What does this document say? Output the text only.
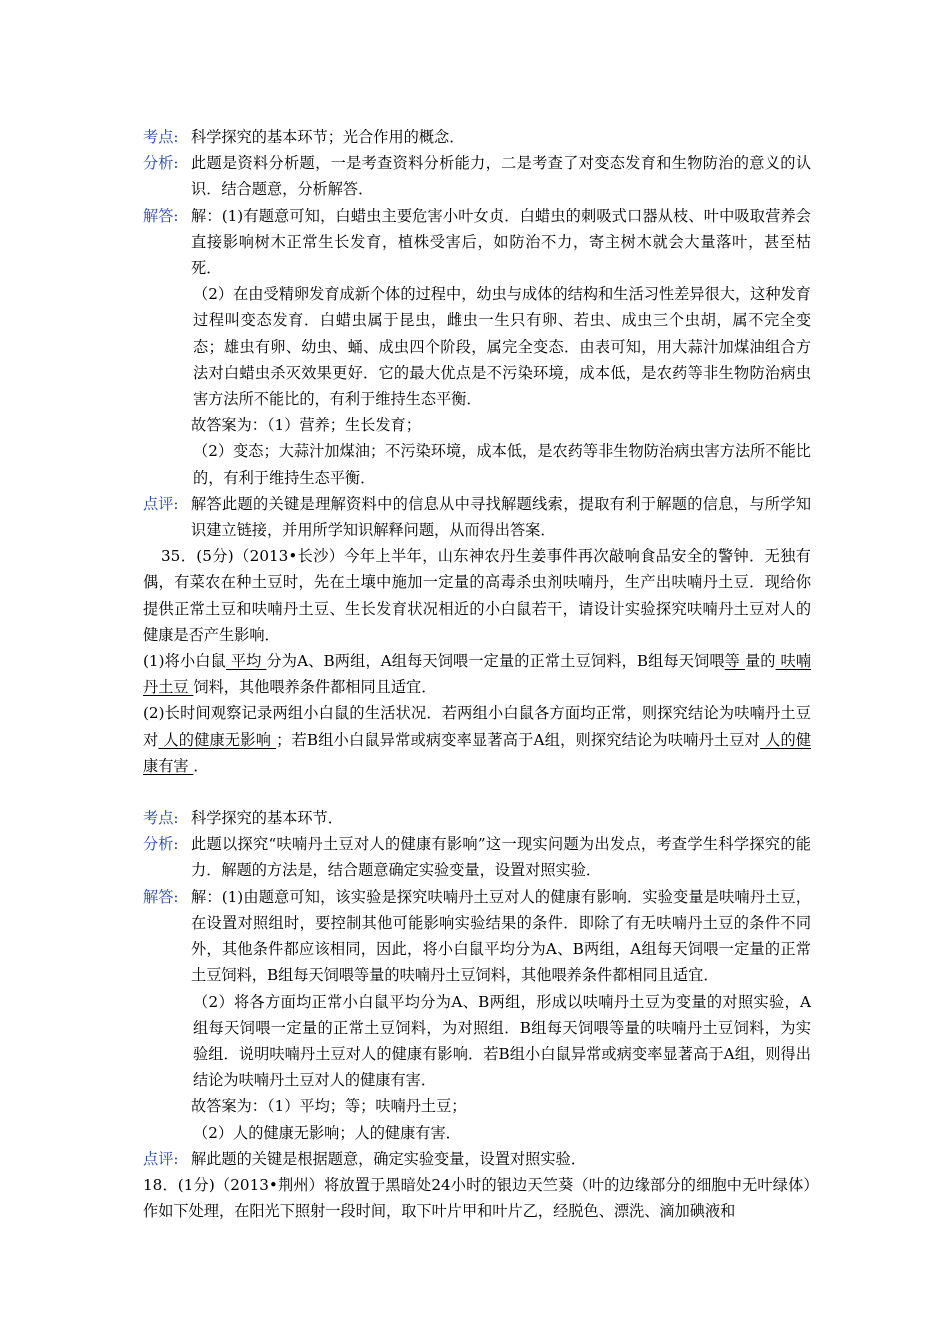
考点: 科学探究的基本环节；光合作用的概念．
分析: 此题是资料分析题，一是考查资料分析能力，二是考查了对变态发育和生物防治的意义的认识．结合题意，分析解答．
解答: 解：(1)有题意可知，白蜡虫主要危害小叶女贞．白蜡虫的刺吸式口器从枝、叶中吸取营养会直接影响树木正常生长发育，植株受害后，如防治不力，寄主树木就会大量落叶，甚至枯死．

（2）在由受精卵发育成新个体的过程中，幼虫与成体的结构和生活习性差异很大，这种发育过程叫变态发育．白蜡虫属于昆虫，雌虫一生只有卵、若虫、成虫三个虫胡，属不完全变态；雄虫有卵、幼虫、蛹、成虫四个阶段，属完全变态．由表可知，用大蒜汁加煤油组合方法对白蜡虫杀灭效果更好．它的最大优点是不污染环境，成本低，是农药等非生物防治病虫害方法所不能比的，有利于维持生态平衡．

故答案为：（1）营养；生长发育；

（2）变态；大蒜汁加煤油；不污染环境，成本低，是农药等非生物防治病虫害方法所不能比的，有利于维持生态平衡．

点评: 解答此题的关键是理解资料中的信息从中寻找解题线索，提取有利于解题的信息，与所学知识建立链接，并用所学知识解释问题，从而得出答案．

35．(5分)（2013•长沙）今年上半年，山东神农丹生姜事件再次敲响食品安全的警钟．无独有偶，有菜农在种土豆时，先在土壤中施加一定量的高毒杀虫剂呋喃丹，生产出呋喃丹土豆．现给你提供正常土豆和呋喃丹土豆、生长发育状况相近的小白鼠若干，请设计实验探究呋喃丹土豆对人的健康是否产生影响．

(1)将小白鼠 平均 分为A、B两组，A组每天饲喂一定量的正常土豆饲料，B组每天饲喂等 量的 呋喃丹土豆 饲料，其他喂养条件都相同且适宜．

(2)长时间观察记录两组小白鼠的生活状况．若两组小白鼠各方面均正常，则探究结论为呋喃丹土豆对 人的健康无影响 ；若B组小白鼠异常或病变率显著高于A组，则探究结论为呋喃丹土豆对 人的健康有害 ．

考点: 科学探究的基本环节．
分析: 此题以探究“呋喃丹土豆对人的健康有影响”这一现实问题为出发点，考查学生科学探究的能力．解题的方法是，结合题意确定实验变量，设置对照实验．
解答: 解：(1)由题意可知，该实验是探究呋喃丹土豆对人的健康有影响．实验变量是呋喃丹土豆，在设置对照组时，要控制其他可能影响实验结果的条件．即除了有无呋喃丹土豆的条件不同外，其他条件都应该相同，因此，将小白鼠平均分为A、B两组，A组每天饲喂一定量的正常土豆饲料，B组每天饲喂等量的呋喃丹土豆饲料，其他喂养条件都相同且适宜．

（2）将各方面均正常小白鼠平均分为A、B两组，形成以呋喃丹土豆为变量的对照实验，A组每天饲喂一定量的正常土豆饲料，为对照组．B组每天饲喂等量的呋喃丹土豆饲料，为实验组．说明呋喃丹土豆对人的健康有影响．若B组小白鼠异常或病变率显著高于A组，则得出结论为呋喃丹土豆对人的健康有害．

故答案为：（1）平均；等；呋喃丹土豆；

（2）人的健康无影响；人的健康有害．

点评: 解此题的关键是根据题意，确定实验变量，设置对照实验．

18．(1分)（2013•荆州）将放置于黑暗处24小时的银边天竺葵（叶的边缘部分的细胞中无叶绿体）作如下处理，在阳光下照射一段时间，取下叶片甲和叶片乙，经脱色、漂洗、滴加碘液和
